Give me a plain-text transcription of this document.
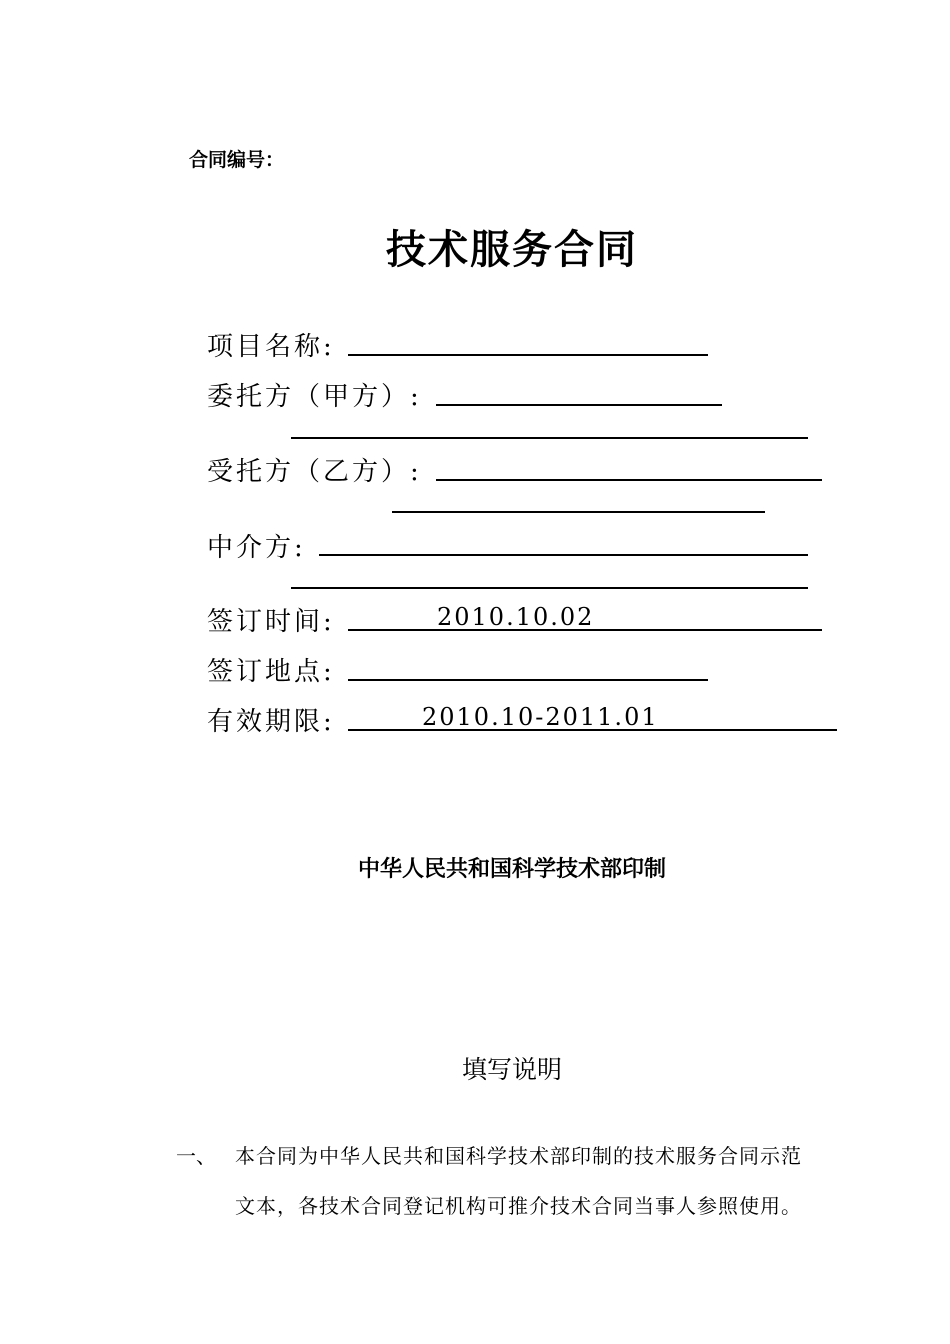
合同编号：
技术服务合同
项目名称:
委托方（甲方）:
受托方（乙方）:
中介方:
签订时间:	2010.10.02
签订地点:
有效期限:	2010.10-2011.01
中华人民共和国科学技术部印制
填写说明
一、 本合同为中华人民共和国科学技术部印制的技术服务合同示范
文本，各技术合同登记机构可推介技术合同当事人参照使用。
